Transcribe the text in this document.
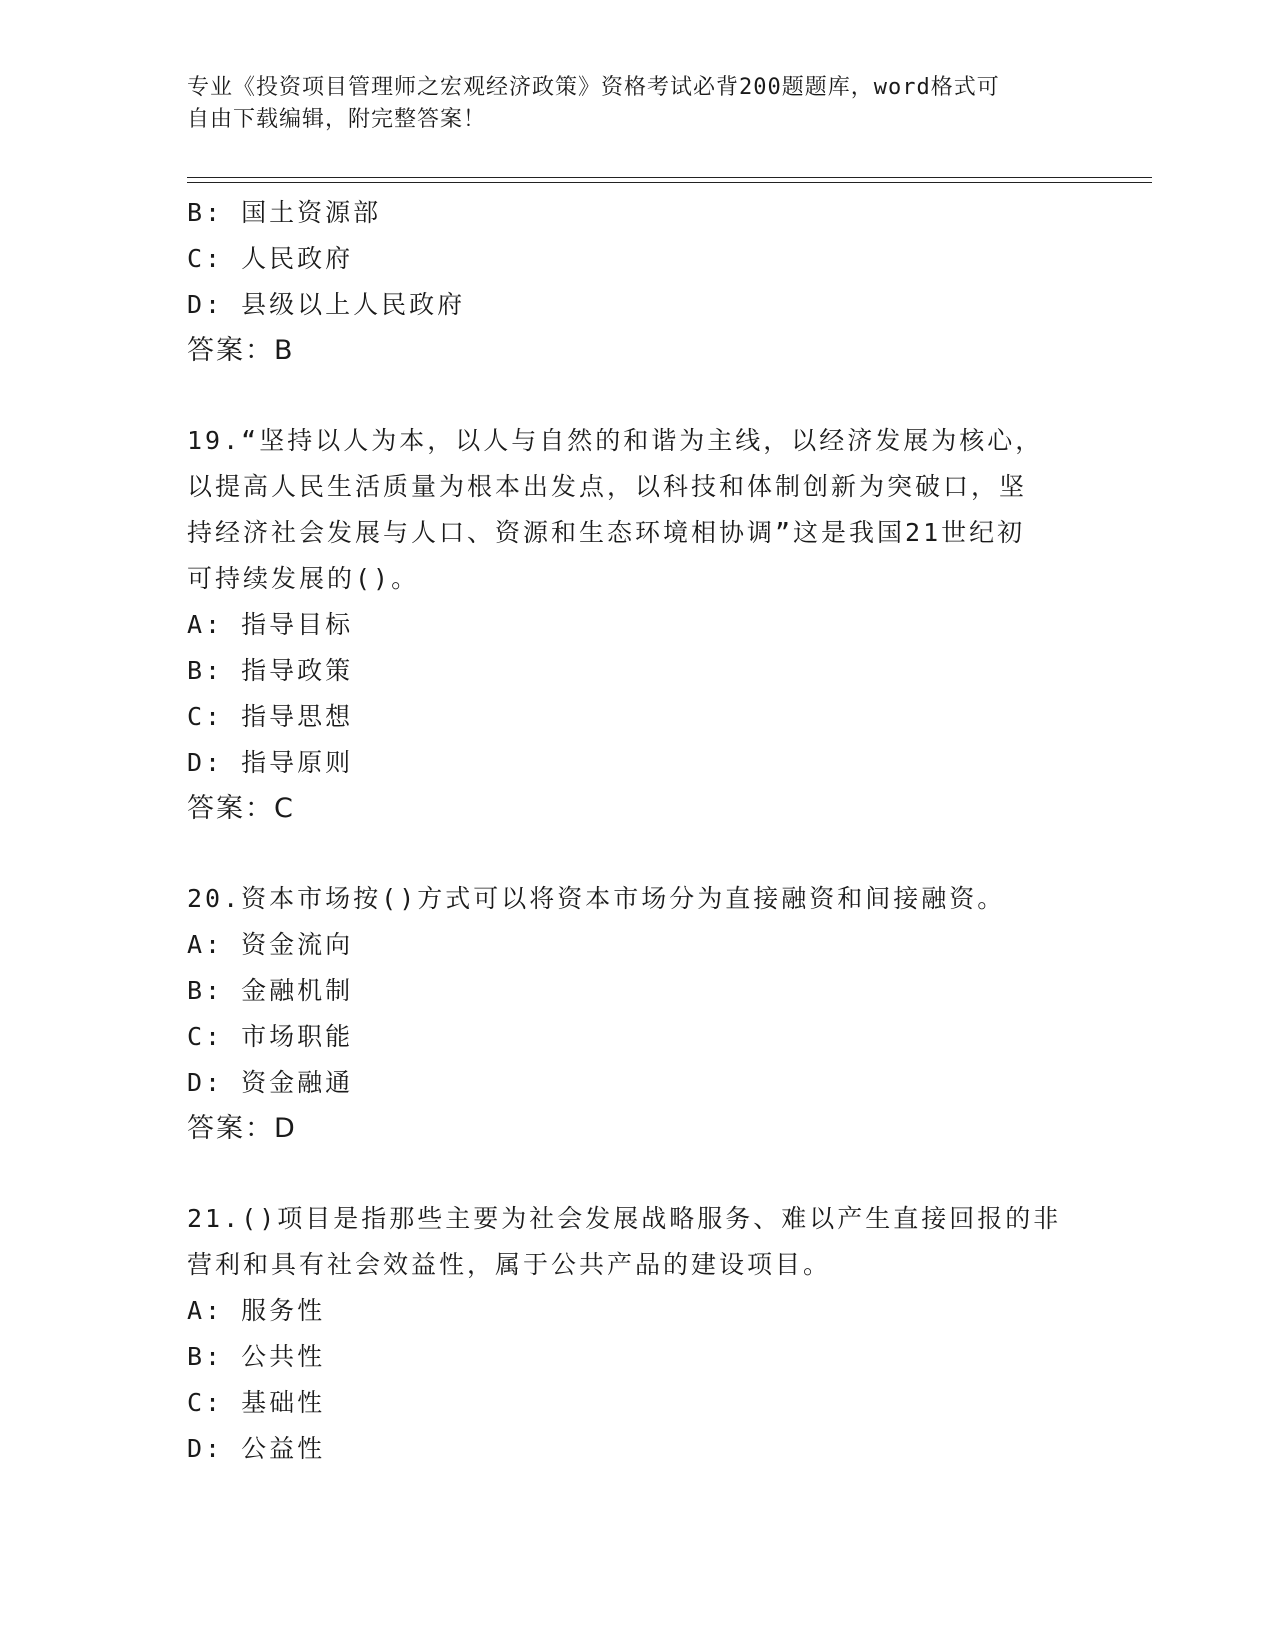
专业《投资项目管理师之宏观经济政策》资格考试必背200题题库，word格式可
自由下载编辑，附完整答案！
B: 国土资源部
C: 人民政府
D: 县级以上人民政府
答案：B
19.“坚持以人为本，以人与自然的和谐为主线，以经济发展为核心，
以提高人民生活质量为根本出发点，以科技和体制创新为突破口，坚
持经济社会发展与人口、资源和生态环境相协调”这是我国21世纪初
可持续发展的()。
A: 指导目标
B: 指导政策
C: 指导思想
D: 指导原则
答案：C
20.资本市场按()方式可以将资本市场分为直接融资和间接融资。
A: 资金流向
B: 金融机制
C: 市场职能
D: 资金融通
答案：D
21.()项目是指那些主要为社会发展战略服务、难以产生直接回报的非
营利和具有社会效益性，属于公共产品的建设项目。
A: 服务性
B: 公共性
C: 基础性
D: 公益性
